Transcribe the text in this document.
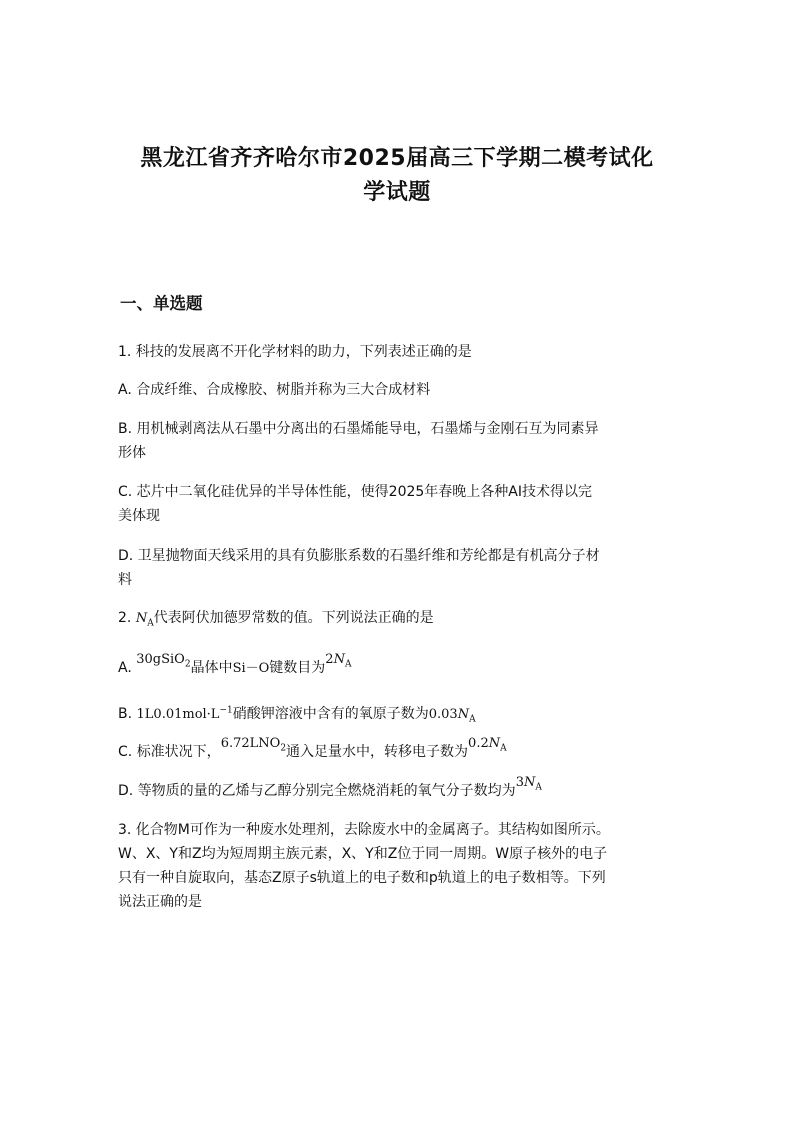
黑龙江省齐齐哈尔市2025届高三下学期二模考试化
学试题
一、单选题
1. 科技的发展离不开化学材料的助力，下列表述正确的是
A. 合成纤维、合成橡胶、树脂并称为三大合成材料
B. 用机械剥离法从石墨中分离出的石墨烯能导电，石墨烯与金刚石互为同素异
形体
C. 芯片中二氧化硅优异的半导体性能，使得2025年春晚上各种AI技术得以完
美体现
D. 卫星抛物面天线采用的具有负膨胀系数的石墨纤维和芳纶都是有机高分子材
料
2. $N_A$代表阿伏加德罗常数的值。下列说法正确的是
A. $^{30gSiO_2}$晶体中Si－O键数目为$^{2N_A}$
B. $1L0.01mol\cdot L^{-1}$硝酸钾溶液中含有的氧原子数为$0.03N_A$
C. 标准状况下，$^{6.72LNO_2}$通入足量水中，转移电子数为$^{0.2N_A}$
D. 等物质的量的乙烯与乙醇分别完全燃烧消耗的氧气分子数均为$^{3N_A}$
3. 化合物M可作为一种废水处理剂，去除废水中的金属离子。其结构如图所示。
W、X、Y和Z均为短周期主族元素，X、Y和Z位于同一周期。W原子核外的电子
只有一种自旋取向，基态Z原子s轨道上的电子数和p轨道上的电子数相等。下列
说法正确的是
